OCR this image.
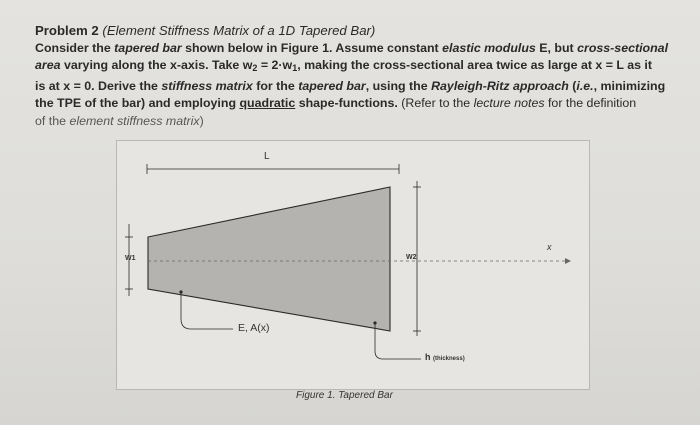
Problem 2 (Element Stiffness Matrix of a 1D Tapered Bar)

Consider the tapered bar shown below in Figure 1. Assume constant elastic modulus E, but cross-sectional

area varying along the x-axis. Take $w_2 = 2\cdot w_1$, making the cross-sectional area twice as large at x = L as it

is at x = 0. Derive the stiffness matrix for the tapered bar, using the Rayleigh-Ritz approach (i.e., minimizing

the TPE of the bar) and employing quadratic shape-functions. (Refer to the lecture notes for the definition

of the element stiffness matrix)

L
W1	W2
x
E, A(x)
h (thickness)
Figure 1. Tapered Bar
